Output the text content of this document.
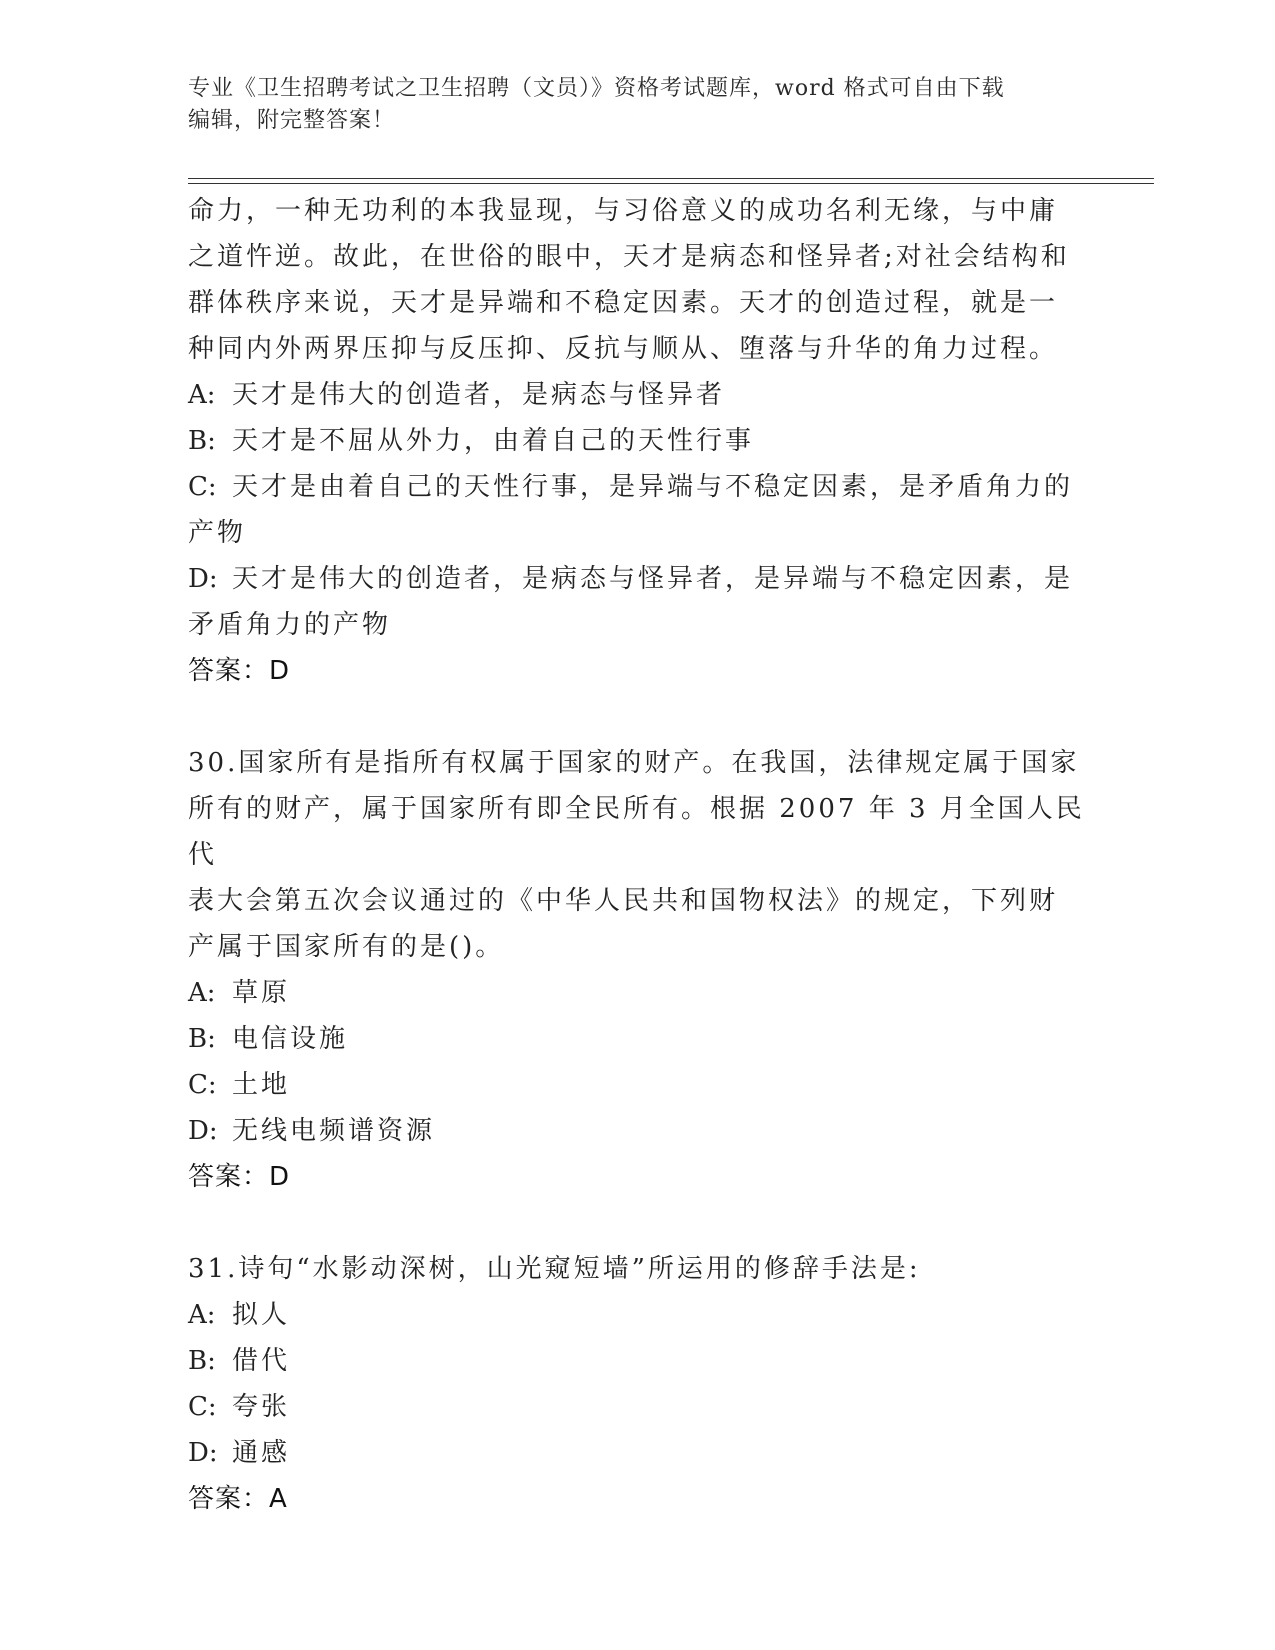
专业《卫生招聘考试之卫生招聘（文员）》资格考试题库，word 格式可自由下载
编辑，附完整答案！

命力，一种无功利的本我显现，与习俗意义的成功名利无缘，与中庸

之道忤逆。故此，在世俗的眼中，天才是病态和怪异者;对社会结构和

群体秩序来说，天才是异端和不稳定因素。天才的创造过程，就是一

种同内外两界压抑与反压抑、反抗与顺从、堕落与升华的角力过程。

A: 天才是伟大的创造者，是病态与怪异者

B: 天才是不屈从外力，由着自己的天性行事

C: 天才是由着自己的天性行事，是异端与不稳定因素，是矛盾角力的

产物

D: 天才是伟大的创造者，是病态与怪异者，是异端与不稳定因素，是

矛盾角力的产物

答案：D

30.国家所有是指所有权属于国家的财产。在我国，法律规定属于国家

所有的财产，属于国家所有即全民所有。根据 2007 年 3 月全国人民代

表大会第五次会议通过的《中华人民共和国物权法》的规定，下列财

产属于国家所有的是()。

A: 草原

B: 电信设施

C: 土地

D: 无线电频谱资源

答案：D

31.诗句“水影动深树，山光窥短墙”所运用的修辞手法是:

A: 拟人

B: 借代

C: 夸张

D: 通感

答案：A
